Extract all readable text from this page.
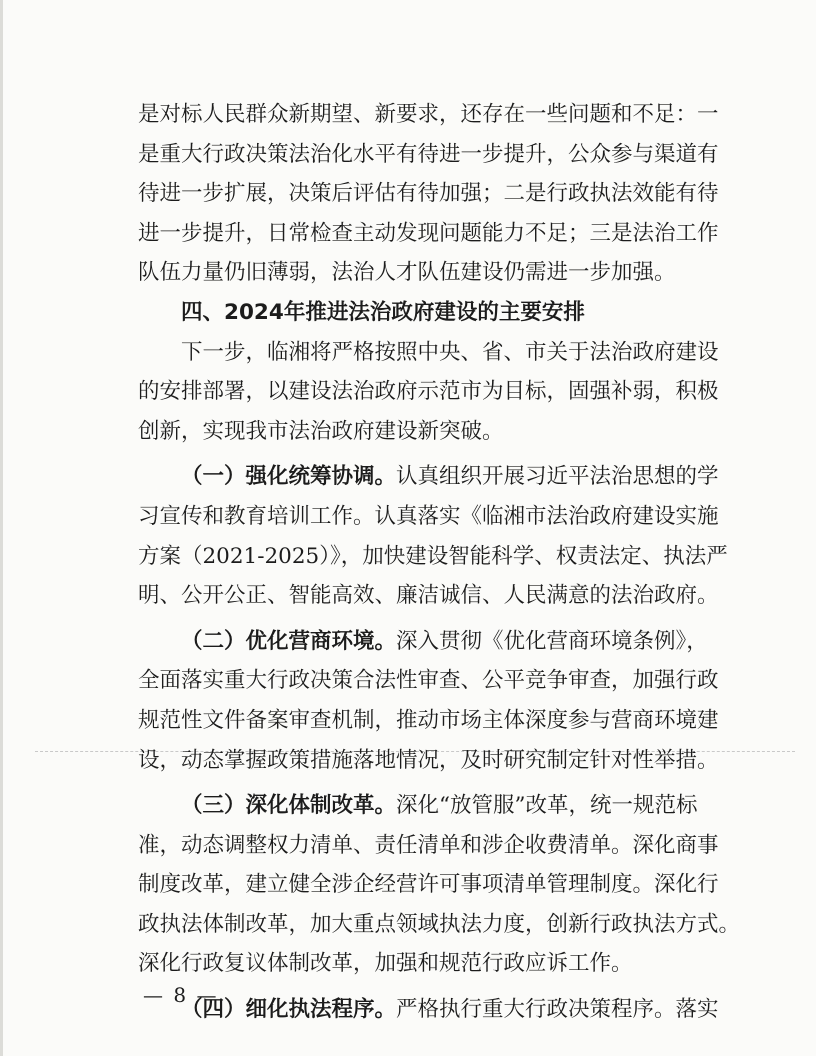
是对标人民群众新期望、新要求，还存在一些问题和不足：一
是重大行政决策法治化水平有待进一步提升，公众参与渠道有
待进一步扩展，决策后评估有待加强；二是行政执法效能有待
进一步提升，日常检查主动发现问题能力不足；三是法治工作
队伍力量仍旧薄弱，法治人才队伍建设仍需进一步加强。
四、2024年推进法治政府建设的主要安排
下一步，临湘将严格按照中央、省、市关于法治政府建设
的安排部署，以建设法治政府示范市为目标，固强补弱，积极
创新，实现我市法治政府建设新突破。
（一）强化统筹协调。认真组织开展习近平法治思想的学
习宣传和教育培训工作。认真落实《临湘市法治政府建设实施
方案（2021-2025）》，加快建设智能科学、权责法定、执法严
明、公开公正、智能高效、廉洁诚信、人民满意的法治政府。
（二）优化营商环境。深入贯彻《优化营商环境条例》，
全面落实重大行政决策合法性审查、公平竞争审查，加强行政
规范性文件备案审查机制，推动市场主体深度参与营商环境建
设，动态掌握政策措施落地情况，及时研究制定针对性举措。
（三）深化体制改革。深化“放管服”改革，统一规范标
准，动态调整权力清单、责任清单和涉企收费清单。深化商事
制度改革，建立健全涉企经营许可事项清单管理制度。深化行
政执法体制改革，加大重点领域执法力度，创新行政执法方式。
深化行政复议体制改革，加强和规范行政应诉工作。
（四）细化执法程序。严格执行重大行政决策程序。落实
— 8 —
